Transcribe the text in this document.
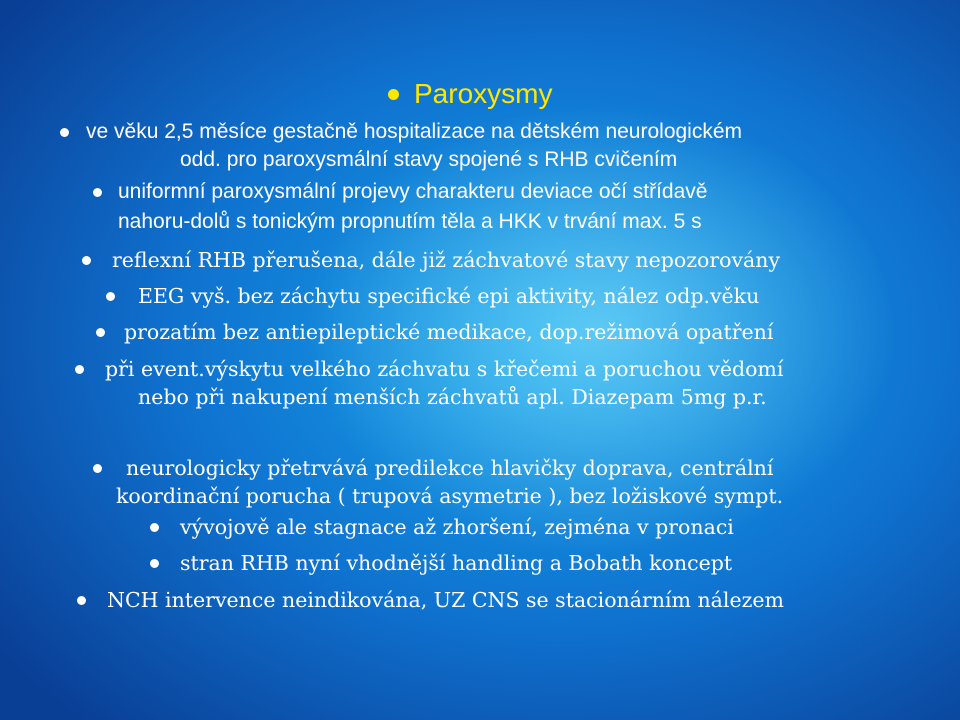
Paroxysmy
ve věku 2,5 měsíce gestačně hospitalizace na dětském neurologickém
odd. pro paroxysmální stavy spojené s RHB cvičením
uniformní paroxysmální projevy charakteru deviace očí střídavě
nahoru-dolů s tonickým propnutím těla a HKK v trvání max. 5 s
reflexní RHB přerušena, dále již záchvatové stavy nepozorovány
EEG vyš. bez záchytu specifické epi aktivity, nález odp.věku
prozatím bez antiepileptické medikace, dop.režimová opatření
při event.výskytu velkého záchvatu s křečemi a poruchou vědomí
nebo při nakupení menších záchvatů apl. Diazepam 5mg p.r.
neurologicky přetrvává predilekce hlavičky doprava, centrální
koordinační porucha ( trupová asymetrie ), bez ložiskové sympt.
vývojově ale stagnace až zhoršení, zejména v pronaci
stran RHB nyní vhodnější handling a Bobath koncept
NCH intervence neindikována, UZ CNS se stacionárním nálezem
